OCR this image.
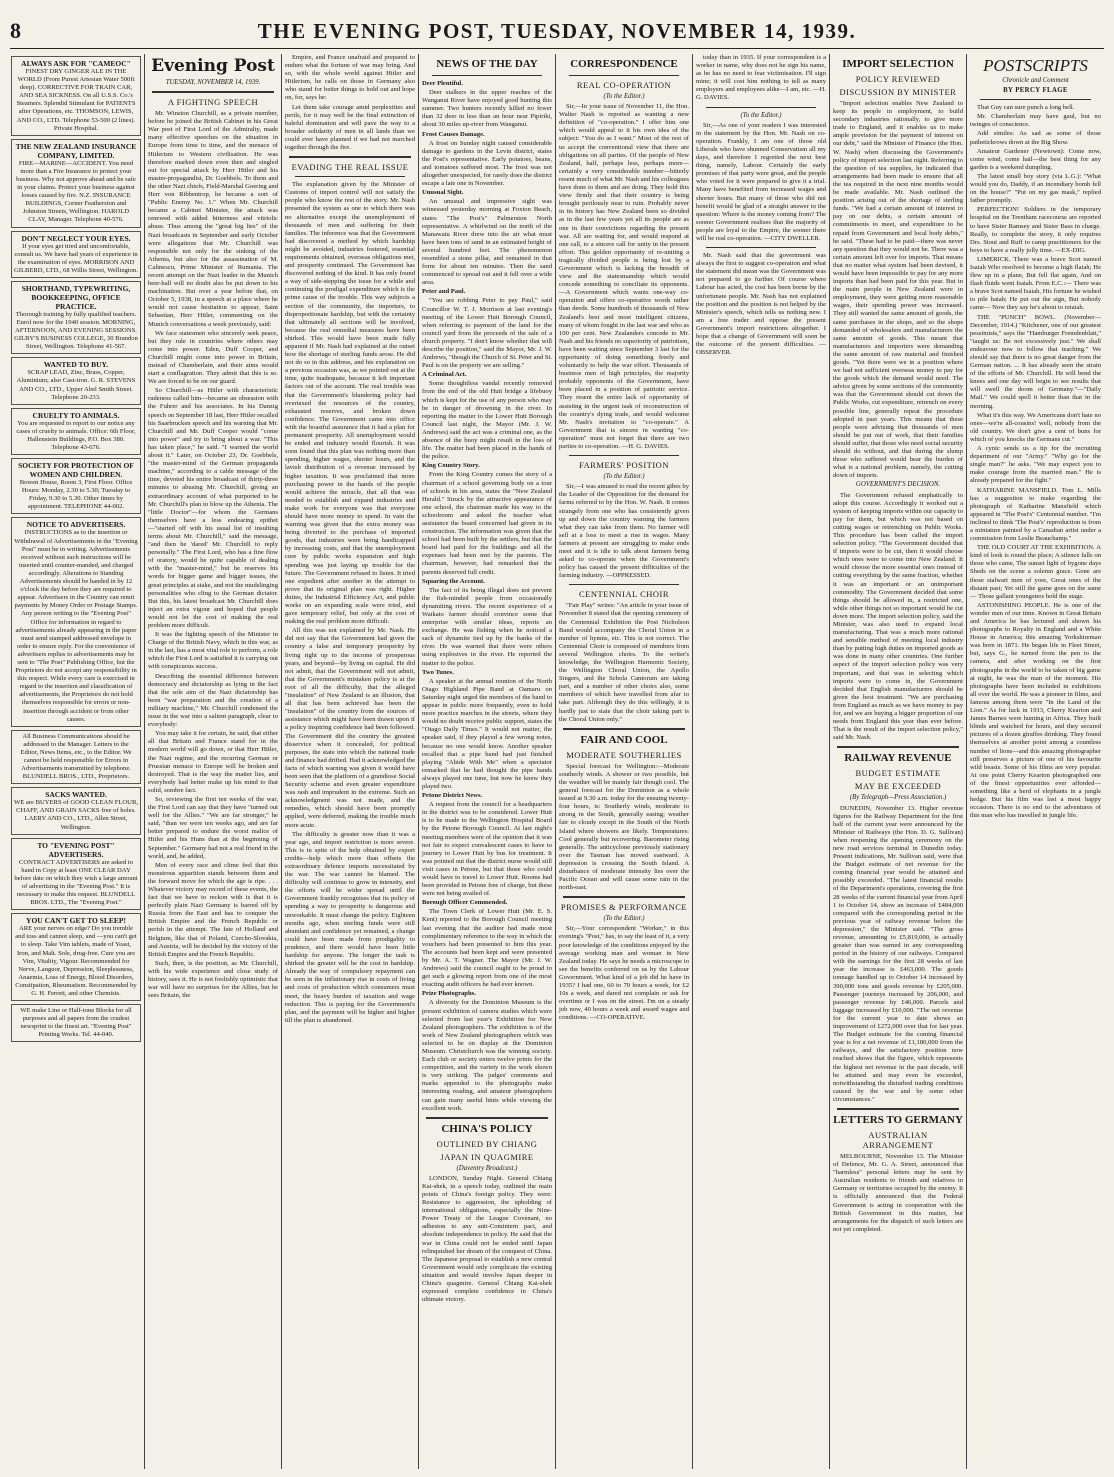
8	THE EVENING POST, TUESDAY, NOVEMBER 14, 1939.
ALWAYS ASK FOR "CAMEOC"
FINEST DRY GINGER ALE IN THE WORLD (From Purest Artesian Water 500ft deep). CORRECTIVE FOR TRAIN CAR, AND SEA SICKNESS. On all U.S.S. Co.'s Steamers. Splendid Stimulant for PATIENTS after Operations, etc. THOMSON, LEWIS, AND CO., LTD. Telephone 53-500 (2 lines). Private Hospital.
THE NEW ZEALAND INSURANCE COMPANY, LIMITED.
FIRE—MARINE—ACCIDENT. You need more than a Fire Insurance to protect your business. Why not approve ahead and be safe in your claims. Protect your business against losses caused by fire. N.Z. INSURANCE BUILDINGS, Corner Featherston and Johnston Streets, Wellington. HAROLD CLAY, Manager. Telephone 40-576.
DON'T NEGLECT YOUR EYES.
If your eyes get tired and uncomfortable, consult us. We have had years of experience in the examination of eyes. MORRISON AND GILBERD, LTD., 68 Willis Street, Wellington.
SHORTHAND, TYPEWRITING, BOOKKEEPING, OFFICE PRACTICE.
Thorough training by fully qualified teachers. Enrol now for the 1940 session. MORNING, AFTERNOON, AND EVENING SESSIONS. GILBY'S BUSINESS COLLEGE, 30 Brandon Street, Wellington. Telephone 41-567.
WANTED TO BUY.
SCRAP LEAD, Zinc, Brass, Copper, Aluminium; also Cast-iron. G. R. STEVENS AND CO., LTD., Upper Abel Smith Street. Telephone 20-233.
CRUELTY TO ANIMALS.
You are requested to report to our notice any cases of cruelty to animals. Office: 6th Floor, Hallenstein Buildings, P.O. Box 380. Telephone 43-676.
SOCIETY FOR PROTECTION OF WOMEN AND CHILDREN.
Bowen House, Room 3, First Floor. Office Hours: Monday, 2.30 to 5.30; Tuesday to Friday, 9.30 to 5.30. Other times by appointment. TELEPHONE 44-002.
NOTICE TO ADVERTISERS.
INSTRUCTIONS as to the insertion or Withdrawal of Advertisements in the "Evening Post" must be in writing. Advertisements received without such instructions will be inserted until counter-manded, and charged accordingly. Alterations to Standing Advertisements should be handed in by 12 o'clock the day before they are required to appear. Advertisers in the Country can remit payments by Money Order or Postage Stamps. Any person writing to the "Evening Post" Office for information in regard to advertisements already appearing in the paper must send stamped addressed envelope in order to ensure reply. For the convenience of advertisers replies to advertisements may be sent to "The Post" Publishing Office, but the Proprietors do not accept any responsibility in this respect. While every care is exercised in regard to the insertion and classification of advertisements, the Proprietors do not hold themselves responsible for errors or non-insertion through accident or from other causes.
All Business Communications should be addressed to the Manager. Letters to the Editor, News Items, etc., to the Editor. We cannot be held responsible for Errors in Advertisements transmitted by telephone. BLUNDELL BROS., LTD., Proprietors.
SACKS WANTED.
WE are BUYERS of GOOD CLEAN FLOUR, CHAFF, AND GRAIN SACKS free of holes. LAERY AND CO., LTD., Allen Street, Wellington.
TO "EVENING POST" ADVERTISERS.
CONTRACT ADVERTISERS are asked to hand in Copy at least ONE CLEAR DAY before date on which they wish a large amount of advertising in the "Evening Post." It is necessary to make this request. BLUNDELL BROS. LTD., The "Evening Post."
YOU CAN'T GET TO SLEEP!
ARE your nerves on edge? Do you tremble and toss and cannot sleep, and —you can't get to sleep. Take Vim tablets, made of Yeast, Iron, and Malt. Sole, drug-free. Cure you are Vim, Vitality, Vigour. Recommended for Nerve, Languor, Depression, Sleeplessness, Anaemia, Loss of Energy, Blood Disorders, Constipation, Rheumatism. Recommended by G. H. Ferrett, and other Chemists.
WE make Line or Half-tone Blocks for all purposes and all papers from the crudest newsprint to the finest art. "Evening Post" Printing Works. Tel. 44-040.
Evening Post
TUESDAY, NOVEMBER 14, 1939.
A FIGHTING SPEECH

Mr. Winston Churchill, as a private member, before he joined the British Cabinet in his Great War post of First Lord of the Admiralty, made many effective speeches on the situation in Europe from time to time, and the menace of Hitlerism to Western civilisation. He was therefore marked down even then and singled out for special attack by Herr Hitler and his master-propagandist, Dr. Goebbels. To them and the other Nazi chiefs, Field-Marshal Goering and Herr von Ribbentrop, he became a sort of "Public Enemy No. 1." When Mr. Churchill became a Cabinet Minister, the attack was renewed with added bitterness and vitriolic abuse. Thus among the "great big lies" of the Nazi broadcasts in September and early October were allegations that Mr. Churchill was responsible not only for the sinking of the Athenia, but also for the assassination of M. Calinescu, Prime Minister of Rumania. The recent attempt on the Nazi leader in the Munich beer-hall will no doubt also be put down to his machination. But over a year before that, on October 5, 1938, in a speech at a place where he would not cause hesitation to appear, Saint Sebastian, Herr Hitler, commenting on the Munich conversations a week previously, said:

We face statesmen who sincerely seek peace, but they rule in countries where others may come into power. Eden, Duff Cooper, and Churchill might come into power in Britain, instead of Chamberlain, and their aims would start a conflagration. They admit that this is so. We are forced to be on our guard.

So Churchill—as Hitler with characteristic rudeness called him—became an obsession with the Fuhrer and his associates. In his Danzig speech on September 18 last, Herr Hitler recalled his Saarbrucken speech and his warning that Mr. Churchill and Mr. Duff Cooper would "come into power" and try to bring about a war. "This has taken place," he said. "I warned the world about it." Later, on October 23, Dr. Goebbels, "the master-mind of the German propaganda machine," according to a cable message of the time, devoted his entire broadcast of thirty-three minutes to abusing Mr. Churchill, giving an extraordinary account of what purported to be Mr. Churchill's plan to blow up the Athenia. The "little Doctor"—for whom the Germans themselves have a less endearing epithet—"started off with his usual list of insulting terms about Mr. Churchill," said the message, "and then he 'dared' Mr. Churchill to reply personally." The First Lord, who has a fine flow of oratory, would be quite capable of dealing with the "master-mind," but he reserves his words for bigger game and bigger issues, the great principles at stake, and not the mudslinging personalities who cling to the German dictator. But this, his latest broadcast Mr. Churchill does inject an extra vigour and hoped that people would not let the cost of making the real problem more difficult.

It was the fighting speech of the Minister in Charge of the British Navy, which in this war, as in the last, has a most vital role to perform, a role which the First Lord is satisfied it is carrying out with conspicuous success.

Describing the essential difference between democracy and dictatorship as lying in the fact that the sole aim of the Nazi dictatorship has been "war preparation and the creation of a military machine," Mr. Churchill condensed the issue in the war into a salient paragraph, clear to everybody:

You may take it for certain, he said, that either all that Britain and France stand for in the modern world will go down, or that Herr Hitler, the Nazi regime, and the recurring German or Prussian menace to Europe will be broken and destroyed. That is the way the matter lies, and everybody had better make up his mind to that solid, sombre fact.

So, reviewing the first ten weeks of the war, the First Lord can say that they have "turned out well for the Allies." "We are far stronger," he said, "than we were ten weeks ago, and are far better prepared to endure the worst malice of Hitler and his Huns than at the beginning of September." Germany had not a real friend in the world, and, he added,

Men of every race and clime feel that this monstrous apparition stands between them and the forward move for which the age is ripe. . . . Whatever victory may record of these events, the fact that we have to reckon with is that it is perfectly plain Nazi Germany is barred off by Russia from the East and has to conquer the British Empire and the French Republic or perish in the attempt. The fate of Holland and Belgium, like that of Poland, Czecho-Slovakia, and Austria, will be decided by the victory of the British Empire and the French Republic.

Such, then, is the position, as Mr. Churchill, with his wide experience and close study of history, sees it. He is not foolishly optimistic that war will have no surprises for the Allies, but he sees Britain, the

Empire, and France unafraid and prepared to endure what the fortune of war may bring. And so, with the whole world against Hitler and Hitlerism, he calls on those in Germany also who stand for better things to hold out and hope on, for, says he:

Let them take courage amid perplexities and perils, for it may well be the final extinction of baleful domination and will pave the way to a broader solidarity of men in all lands than we could ever have planned if we had not marched together through the fire.

EVADING THE REAL ISSUE

The explanation given by the Minister of Customs of import control will not satisfy the people who know the rest of the story. Mr. Nash presented the system as one to which there was no alternative except the unemployment of thousands of men and suffering for their families. The inference was that the Government had discovered a method by which hardship might be avoided, industries fostered, essential requirements obtained, overseas obligations met, and prosperity continued. The Government has discovered nothing of the kind. It has only found a way of side-stepping the issue for a while and continuing the prodigal expenditure which is the prime cause of the trouble. This way subjects a section of the community, the importers, to disproportionate hardship, but with the certainty that ultimately all sections will be involved, because the real remedial measures have been shirked. This would have been made fully apparent if Mr. Nash had explained at the outset how the shortage of sterling funds arose. He did not do so in this address, and his explanation on a previous occasion was, as we pointed out at the time, quite inadequate, because it left important factors out of the account. The real trouble was that the Government's blundering policy had overtaxed the resources of the country, exhausted reserves, and broken down confidence. The Government came into office with the boastful assurance that it had a plan for permanent prosperity. All unemployment would be ended and industry would flourish. It was soon found that this plan was nothing more than spending, higher wages, shorter hours, and the lavish distribution of a revenue increased by higher taxation. It was proclaimed that more purchasing power in the hands of the people would achieve the miracle, that all that was needed to establish and expand industries and make work for everyone was that everyone should have more money to spend. In vain the warning was given that the extra money was being diverted to the purchase of imported goods, that industries were being handicapped by increasing costs, and that the unemployment cure by public works expansion and high spending was just laying up trouble for the future. The Government refused to listen. It tried one expedient after another in the attempt to prove that its original plan was right. Higher duties, the Industrial Efficiency Act, and public works on an expanding scale were tried, and gave temporary relief, but only at the cost of making the real problem more difficult.

All this was not explained by Mr. Nash. He did not say that the Government had given the country a false and temporary prosperity by living right up to the income of prosperous years, and beyond—by living on capital. He did not admit, that the Government will not admit, that the Government's mistaken policy is at the root of all the difficulty, that the alleged "insulation" of New Zealand is an illusion, that all that has been achieved has been the "insulation" of the country from the sources of assistance which might have been drawn upon if a policy inspiring confidence had been followed. The Government did the country the greatest disservice when it concealed, for political purposes, the state into which the national trade and finance had drifted. Had it acknowledged the facts of which warning was given it would have been seen that the platform of a grandiose Social Security scheme and even greater expenditure was rash and imprudent in the extreme. Such an acknowledgment was not made, and the remedies, which should have been promptly applied, were deferred, making the trouble much more acute.

The difficulty is greater now than it was a year ago, and import restriction is more severe. This is in spite of the help obtained by export credits—help which more than offsets the extraordinary defence imports necessitated by the war. The war cannot be blamed. The difficulty will continue to grow in intensity, and the efforts will be wider spread until the Government frankly recognises that its policy of spending a way to prosperity is dangerous and unworkable. It must change the policy. Eighteen months ago, when sterling funds were still abundant and confidence yet remained, a change could have been made from prodigality to prudence, and there would have been little hardship for anyone. The longer the task is shirked the greater will be the cost in hardship. Already the way of compulsory repayment can be seen in the inflationary rise in costs of living and costs of production which consumers must meet, the heavy burden of taxation and wage reduction. This is paying for the Government's plan, and the payment will be higher and higher till the plan is abandoned.

NEWS OF THE DAY

Deer Plentiful.

Deer stalkers in the upper reaches of the Wanganui River have enjoyed good hunting this summer. Two hunters recently killed no fewer than 32 deer in less than an hour near Pipiriki, about 30 miles up-river from Wanganui.

Frost Causes Damage.

A frost on Sunday night caused considerable damage to gardens in the Levin district, states the Post's representative. Early potatoes, beans, and tomatoes suffered most. The frost was not altogether unexpected, for rarely does the district escape a late one in November.

Unusual Sight.

An unusual and impressive sight was witnessed yesterday morning at Foxton Beach, states "The Post's" Palmerston North representative. A whirlwind on the north of the Manawatu River drew into the air what must have been tons of sand in an estimated height of several hundred feet. The phenomenon resembled a stone pillar, and remained in that form for about ten minutes. Then the sand commenced to spread out and it fell over a wide area.

Peter and Paul.

"You are robbing Peter to pay Paul," said Councillor W. T. J. Morrison at last evening's meeting of the Lower Hutt Borough Council, when referring to payment of the land for the council yard from the proceeds of the sale of a church property. "I don't know whether that will describe the position," said the Mayor, Mr. J. W. Andrews, "though the Church of St. Peter and St. Paul is on the property we are selling."

A Criminal Act.

Some thoughtless vandal recently removed from the end of the old Hutt bridge a lifebuoy which is kept for the use of any person who may be in danger of drowning in the river. In reporting the matter to the Lower Hutt Borough Council last night, the Mayor (Mr. J. W. Andrews) said the act was a criminal one, as the absence of the buoy might result in the loss of life. The matter had been placed in the hands of the police.

King Country Story.

From the King Country comes the story of a chairman of a school governing body on a tour of schools in his area, states the "New Zealand Herald." Struck by the attractive appearance of one school, the chairman made his way to the schoolroom and asked the teacher what assistance the board concerned had given in its construction. The information was given that the school had been built by the settlers, but that the board had paid for the buildings and all the expenses had been met by the parents. The chairman, however, had remarked that the parents deserved full credit.

Squaring the Account.

The fact of its being illegal does not prevent the fish-minded people from occasionally dynamiting rivers. The recent experience of a Waikato farmer should convince some that enterprise with similar ideas, reports an exchange. He was fishing when he noticed a sack of dynamite tied up by the banks of the river. He was warned that there were others using explosives in the river. He reported the matter to the police.

Two Tunes.

A speaker at the annual reunion of the North Otago Highland Pipe Band at Oamaru on Saturday night urged the members of the band to appear in public more frequently, even to hold more practice marches in the streets, where they would no doubt receive public support, states the "Otago Daily Times." It would not matter, the speaker said, if they played a few wrong notes, because no one would know. Another speaker recalled that a pipe band had just finished playing "Abide With Me" when a spectator remarked that he had thought the pipe bands always played one tune, but now he knew they played two.

Petone District News.

A request from the council for a headquarters in the district was to be considered. Lower Hutt is to be made to the Wellington Hospital Board by the Petone Borough Council. At last night's meeting members were of the opinion that it was not fair to expect convalescent cases to have to journey to Lower Hutt by bus for treatment. It was pointed out that the district nurse would still visit cases in Petone, but that those who could would have to travel to Lower Hutt. Rooms had been provided in Petone free of charge, but these were not being availed of.

Borough Officer Commended.

The Town Clerk of Lower Hutt (Mr. E. S. Kent) reported to the Borough Council meeting last evening that the auditor had made most complimentary reference to the way in which the vouchers had been presented to him this year. The accounts had been kept and were presented by Mr. A. T. Wagner. The Mayor (Mr. J. W. Andrews) said the council ought to be proud to get such a glowing report from one of the most exacting audit officers he had ever known.

Prize Photographs.

A diversity for the Dominion Museum is the present exhibition of camera studies which were selected from last year's Exhibition for New Zealand photographers. The exhibition is of the work of New Zealand photographers which was selected to be on display at the Dominion Museum. Christchurch was the winning society. Each club or society enters twelve prints for the competition, and the variety in the work shown is very striking. The judges' comments and marks appended to the photographs make interesting reading, and amateur photographers can gain many useful hints while viewing the excellent work.

CHINA'S POLICY
OUTLINED BY CHIANG
JAPAN IN QUAGMIRE
(Daventry Broadcast.)

LONDON, Sunday Night. General Chiang Kai-shek, in a speech today, outlined the main points of China's foreign policy. They were: Resistance to aggression, the upholding of international obligations, especially the Nine-Power Treaty of the League Covenant, no adhesion to any anti-Comintern pact, and absolute independence in policy. He said that the war in China could not be ended until Japan relinquished her dream of the conquest of China. The Japanese proposal to establish a new central Government would only complicate the existing situation and would involve Japan deeper in China's quagmire. General Chiang Kai-shek expressed complete confidence in China's ultimate victory.

CORRESPONDENCE
REAL CO-OPERATION
(To the Editor.)

Sir,—In your issue of November 11, the Hon. Walter Nash is reported as wanting a new definition of "co-operation." I offer him one which would appeal to it his own idea of the subject: "You do as I want." Most of the rest of us accept the conventional view that there are obligations on all parties. Of the people of New Zealand, half, perhaps less, perhaps more—certainly a very considerable number—bitterly resent much of what Mr. Nash and his colleagues have done to them and are doing. They hold this view firmly and that their country is being brought perilously near to ruin. Probably never in its history has New Zealand been so divided as in the last few years yet all its people are as one in their convictions regarding the present war. All are waiting for, and would respond at one call, to a sincere call for unity in the present effort. This golden opportunity of re-uniting a tragically divided people is being lost by a Government which is lacking the breadth of view and the statesmanship which would concede something to conciliate its opponents. —A Government which wants one-way co-operation and offers co-operative words rather than deeds. Some hundreds of thousands of New Zealand's best and most intelligent citizens, many of whom fought in the last war and who as 100 per cent. New Zealanders concede to Mr. Nash and his friends no superiority of patriotism, have been waiting since September 3 last for the opportunity of doing something freely and voluntarily to help the war effort. Thousands of business men of high principles, the majority probably opponents of the Government, have been placed in a position of patriotic service. They resent the entire lack of opportunity of assisting in the urgent task of reconstruction of the country's dying trade, and would welcome Mr. Nash's invitation to "co-operate." A Government that is sincere in wanting "co-operation" must not forget that there are two parties to co-operation. —H. G. DAVIES.

FARMERS' POSITION
(To the Editor.)

Sir,—I was amused to read the recent gibes by the Leader of the Opposition for the demand for farms referred to by the Hon. W. Nash. It comes strangely from one who has consistently given up and down the country warning the farmers what they can take from them. No farmer will sell at a loss to meet a rise in wages. Many farmers at present are struggling to make ends meet and it is idle to talk about farmers being asked to co-operate when the Government's policy has caused the present difficulties of the farming industry. —OPPRESSED.

CENTENNIAL CHOIR

"Fair Play" writes: "An article in your issue of November 8 stated that the opening ceremony of the Centennial Exhibition the Post Nicholson Band would accompany the Choral Union in a number of hymns, etc. This is not correct. The Centennial Choir is composed of members from several Wellington choirs. To the writer's knowledge, the Wellington Harmonic Society, the Wellington Choral Union, the Apollo Singers, and the Schola Cantorum are taking part, and a number of other choirs also, some members of which have travelled from afar to take part. Although they do this willingly, it is hardly just to state that the choir taking part is the Choral Union only."

FAIR AND COOL
MODERATE SOUTHERLIES

Special forecast for Wellington:—Moderate southerly winds. A shower or two possible, but the weather will be mainly fair though cool. The general forecast for the Dominion as a whole issued at 9.30 a.m. today for the ensuing twenty-four hours, is: Southerly winds, moderate to strong in the South, generally easing; weather fair to cloudy except in the South of the North Island where showers are likely. Temperatures: Cool generally but recovering. Barometer rising generally. The anticyclone previously stationary over the Tasman has moved eastward. A depression is crossing the South Island. A disturbance of moderate intensity lies over the Pacific Ocean and will cause some rain in the north-east.

PROMISES & PERFORMANCE
(To the Editor.)

Sir,—Your correspondent "Worker," in this evening's "Post," has, to say the least of it, a very poor knowledge of the conditions enjoyed by the average working man and woman in New Zealand today. He says he needs a microscope to see the benefits conferred on us by the Labour Government. What kind of a job did he have in 1935? I had one, 60 to 70 hours a week, for £2 10s a week, and dared not complain or ask for overtime or I was on the street. I'm on a steady job now, 40 hours a week and award wages and conditions. —CO-OPERATIVE.

today than in 1935. If your correspondent is a worker in name, why does not he sign his name, as he has no need to fear victimisation. I'll sign mine; it will cost him nothing to tell as many employers and employees alike—I am, etc. —H. G. DAVIES.

(To the Editor.)

Sir,—As one of your readers I was interested in the statement by the Hon. Mr. Nash on co-operation. Frankly, I am one of those old Liberals who have shunned Conservatism all my days, and therefore I regretted the next best thing, namely, Labour. Certainly the early promises of that party were great, and the people who voted for it were prepared to give it a trial. Many have benefited from increased wages and shorter hours. But many of those who did not benefit would be glad of a straight answer to the question: Where is the money coming from? The sooner Government realises that the majority of people are loyal to the Empire, the sooner there will be real co-operation. —CITY DWELLER.

Mr. Nash said that the government was always the first to suggest co-operation and what the statement did mean was the Government was not prepared to go further. Of course where Labour has acted, the cost has been borne by the unfortunate people. Mr. Nash has not explained the position and the position is not helped by the Minister's speech, which tells us nothing new. I am a free trader and oppose the present Government's import restrictions altogether. I hope that a change of Government will soon be the outcome of the present difficulties. — OBSERVER.

IMPORT SELECTION
POLICY REVIEWED
DISCUSSION BY MINISTER

"Import selection enables New Zealand to keep its people in employment, to build secondary industries rationally, to give more trade to England, and it enables us to make ample provision for the payment of interest on our debt," said the Minister of Finance (the Hon. W. Nash) when discussing the Government's policy of import selection last night. Referring to the question of tea supplies, he indicated that arrangements had been made to ensure that all the tea required in the next nine months would be made available. Mr. Nash outlined the position arising out of the shortage of sterling funds. "We had a certain amount of interest to pay on our debts, a certain amount of commitments to meet, and expenditure to be repaid from Government and local body debts," he said. "These had to be paid—there was never any question that they would not be. There was a certain amount left over for imports. That means that no matter what system had been devised, it would have been impossible to pay for any more imports than had been paid for this year. But in the main people in New Zealand were in employment, they were getting more reasonable wages, their spending power was increased. They still wanted the same amount of goods, the same purchases in the shops, and so the shops demanded of wholesalers and manufacturers the same amount of goods. This meant that manufacturers and importers were demanding the same amount of raw material and finished goods. "Yet there were we in a position where we had not sufficient overseas money to pay for the goods which the demand would need. The advice given by some sections of the community was that the Government should cut down the Public Works, cut expenditure, retrench on every possible line, generally repeat the procedure adopted in past years. This means that these people were advising that thousands of men should be put out of work, that their families should suffer, that those who need social security should do without, and that during the slump those who suffered would bear the burden of what is a national problem, namely, the cutting down of imports.

GOVERNMENT'S DECISION.

The Government refused emphatically to adopt this course. Accordingly it worked out a system of keeping imports within our capacity to pay for them, but which was not based on cutting wages or retrenching on Public Works. This procedure has been called the import selection policy. "The Government decided that if imports were to be cut, then it would choose which ones were to come into New Zealand. It would choose the more essential ones instead of cutting everything by the same fraction, whether it was an important or an unimportant commodity. The Government decided that some things should be allowed in, a restricted one, while other things not so important would be cut down more. The import selection policy, said the Minister, was also used to expand local manufacturing. That was a much more rational and sensible method of meeting local industry than by putting high duties on imported goods as was done in many other countries. One further aspect of the import selection policy was very important, and that was in selecting which imports were to come in, the Government decided that English manufacturers should be given the best treatment. "We are purchasing from England as much as we have money to pay for, and we are buying a bigger proportion of our needs from England this year than ever before. That is the result of the import selection policy," said Mr. Nash.

RAILWAY REVENUE
BUDGET ESTIMATE
MAY BE EXCEEDED
(By Telegraph—Press Association.)

DUNEDIN, November 13. Higher revenue figures for the Railway Department for the first half of the current year were announced by the Minister of Railways (the Hon. D. G. Sullivan) when reopening the opening ceremony on the new road services terminal in Dunedin today. Present indications, Mr. Sullivan said, were that the Budget estimate of net revenue for the coming financial year would be attained and possibly exceeded. "The latest financial results of the Department's operations, covering the first 28 weeks of the current financial year from April 1 to October 14, show an increase of £484,000 compared with the corresponding period in the previous year of railway revenue before the depression," the Minister said. "The gross revenue, amounting to £5,819,000, is actually greater than was earned in any corresponding period in the history of our railways. Compared with the earnings for the first 28 weeks of last year the increase is £463,000. The goods tonnage handled up to October 14 increased by 390,000 tons and goods revenue by £205,000. Passenger journeys increased by 206,000, and passenger revenue by £46,000. Parcels and luggage increased by £10,000. "The net revenue for the current year to date shows an improvement of £272,000 over that for last year. The Budget estimate for the coming financial year is for a net revenue of £1,180,000 from the railways, and the satisfactory position now reached shows that the figure, which represents the highest net revenue in the past decade, will be attained and may even be exceeded, notwithstanding the disturbed trading conditions caused by the war and by some other circumstances."

LETTERS TO GERMANY
AUSTRALIAN ARRANGEMENT

MELBOURNE, November 13. The Minister of Defence, Mr. G. A. Street, announced that "harmless" personal letters may be sent by Australian residents to friends and relatives in Germany or territories occupied by the enemy. It is officially announced that the Federal Government is acting in cooperation with the British Government in this matter, but arrangements for the dispatch of such letters are not yet completed.

POSTSCRIPTS
Chronicle and Comment
BY PERCY FLAGE

That Guy can sure punch a long bell.

Mr. Chamberlain may have gaul, but no twinges of conscience.

Add similes: As sad as some of those pathetickrows down at the Big Show.

Amateur Gardener (Newtown): Come now, come wind, come hail—the best thing for any garden is a weekend dumpling.

The latest small boy story (via L.G.): "What would you do, Daddy, if an incendiary bomb fell on the house?" "Put on my gas mask," replied father promptly.

PERFECTION! Soldiers in the temporary hospital on the Trentham racecourse are reported to have Sister Ramsey and Sister Bass in charge. Really, to complete the story, it only requires Drs. Stout and Ruff to camp practitioners for the boys to have a really jolly time. —EX-DIG.

LIMERICK. There was a brave Scot named Isaiah Who resolved to become a high flaiah; He flew up in a plane, But fell flat again, And on flash fluids went Isaiah. From E.C.:— There was a brave Scot named Isaiah, His fortune he wished to pile haiah; He put out the sign, But nobody came— Now they say he's about to retaiah.

THE "PUNCH" BOWL. (November—December, 1914.) "Kitchener, one of our greatest pessimists," says the "Hamburger Fremdenblatt," "taught us: Be not excessively just." We shall endeavour now to follow that teaching." We should say that there is no great danger from the German nation. ... It has already seen the strain of the efforts of Mr. Churchill. He will bend the knees and one day will begin to see results that will swell the doom of Germany."—"Daily Mail." We could spell it better than that in the morning.

What it's this way. We Americans don't hate no ones—we're all-cousins! well, nobody from the old country. We don't give a cent of buns for which of you knocks the Germans cut."

A cynic sends us a tip for the recruiting department of our "Army." "Why go for the single man?" he asks. "We may expect you to make courage from the married man." He is already prepared for the fight."

KATHARINE MANSFIELD. Tom L. Mills has a suggestion to make regarding the photograph of Katharine Mansfield which appeared in "The Post's" Centennial number. "I'm inclined to think 'The Post's' reproduction is from a miniature painted by a Canadian artist under a commission from Leslie Beauchamp."

THE OLD COURT AT THE EXHIBITION. A kind of look is round the place; A silence falls on those who came, The sunset light of bygone days Sheds on the scene a solemn grace. Gone are those stalwart men of yore, Great ones of the distant past; Yet still the game goes on the same— Those gallant youngsters hold the stage.

ASTONISHING PEOPLE. He is one of the wonder men of our time. Known in Great Britain and America he has lectured and shown his photographs to Royalty in England and a White House in America; this amazing Yorkshireman was born in 1871. He began life in Fleet Street, but, says G., he turned from the pen to the camera, and after working on the first photographs in the world to be taken of big game at night, he was the man of the moment. His photographs have been included in exhibitions all over the world. He was a pioneer in films, and famous among them were "In the Land of the Lion." As for luck in 1913, Cherry Kearton and James Barnes were hunting in Africa. They built blinds and watched for hours, and they secured pictures of a dozen giraffes drinking. They found themselves at another point among a countless number of lions—and this amazing photographer still preserves a picture of one of his favourite wild beasts. Some of his films are very popular. At one point Cherry Kearton photographed one of the finest opportunities ever afforded—something like a herd of elephants in a jungle hedge. But his film was last a most happy occasion. There is no end to the adventures of this man who has travelled in jungle life.
